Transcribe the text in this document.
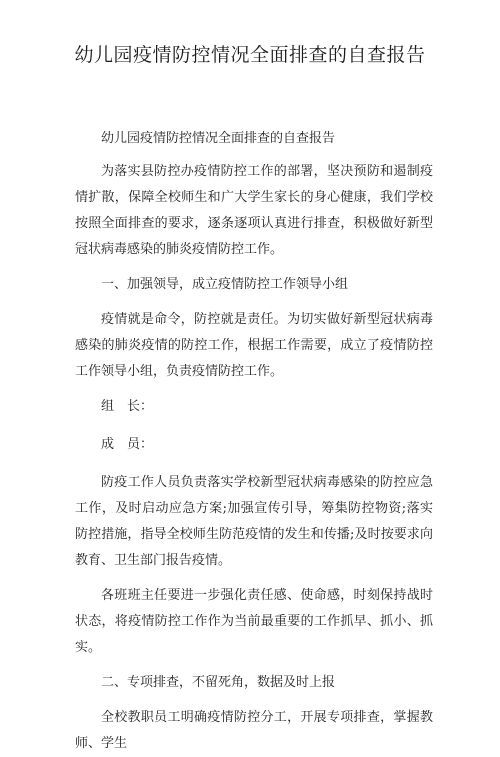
幼儿园疫情防控情况全面排查的自查报告

幼儿园疫情防控情况全面排查的自查报告

为落实县防控办疫情防控工作的部署，坚决预防和遏制疫情扩散，保障全校师生和广大学生家长的身心健康，我们学校按照全面排查的要求，逐条逐项认真进行排查，积极做好新型冠状病毒感染的肺炎疫情防控工作。

一、加强领导，成立疫情防控工作领导小组

疫情就是命令，防控就是责任。为切实做好新型冠状病毒感染的肺炎疫情的防控工作，根据工作需要，成立了疫情防控工作领导小组，负责疫情防控工作。

组　长：

成　员：

防疫工作人员负责落实学校新型冠状病毒感染的防控应急工作，及时启动应急方案;加强宣传引导，筹集防控物资;落实防控措施，指导全校师生防范疫情的发生和传播;及时按要求向教育、卫生部门报告疫情。

各班班主任要进一步强化责任感、使命感，时刻保持战时状态，将疫情防控工作作为当前最重要的工作抓早、抓小、抓实。

二、专项排查，不留死角，数据及时上报

全校教职员工明确疫情防控分工，开展专项排查，掌握教师、学生
